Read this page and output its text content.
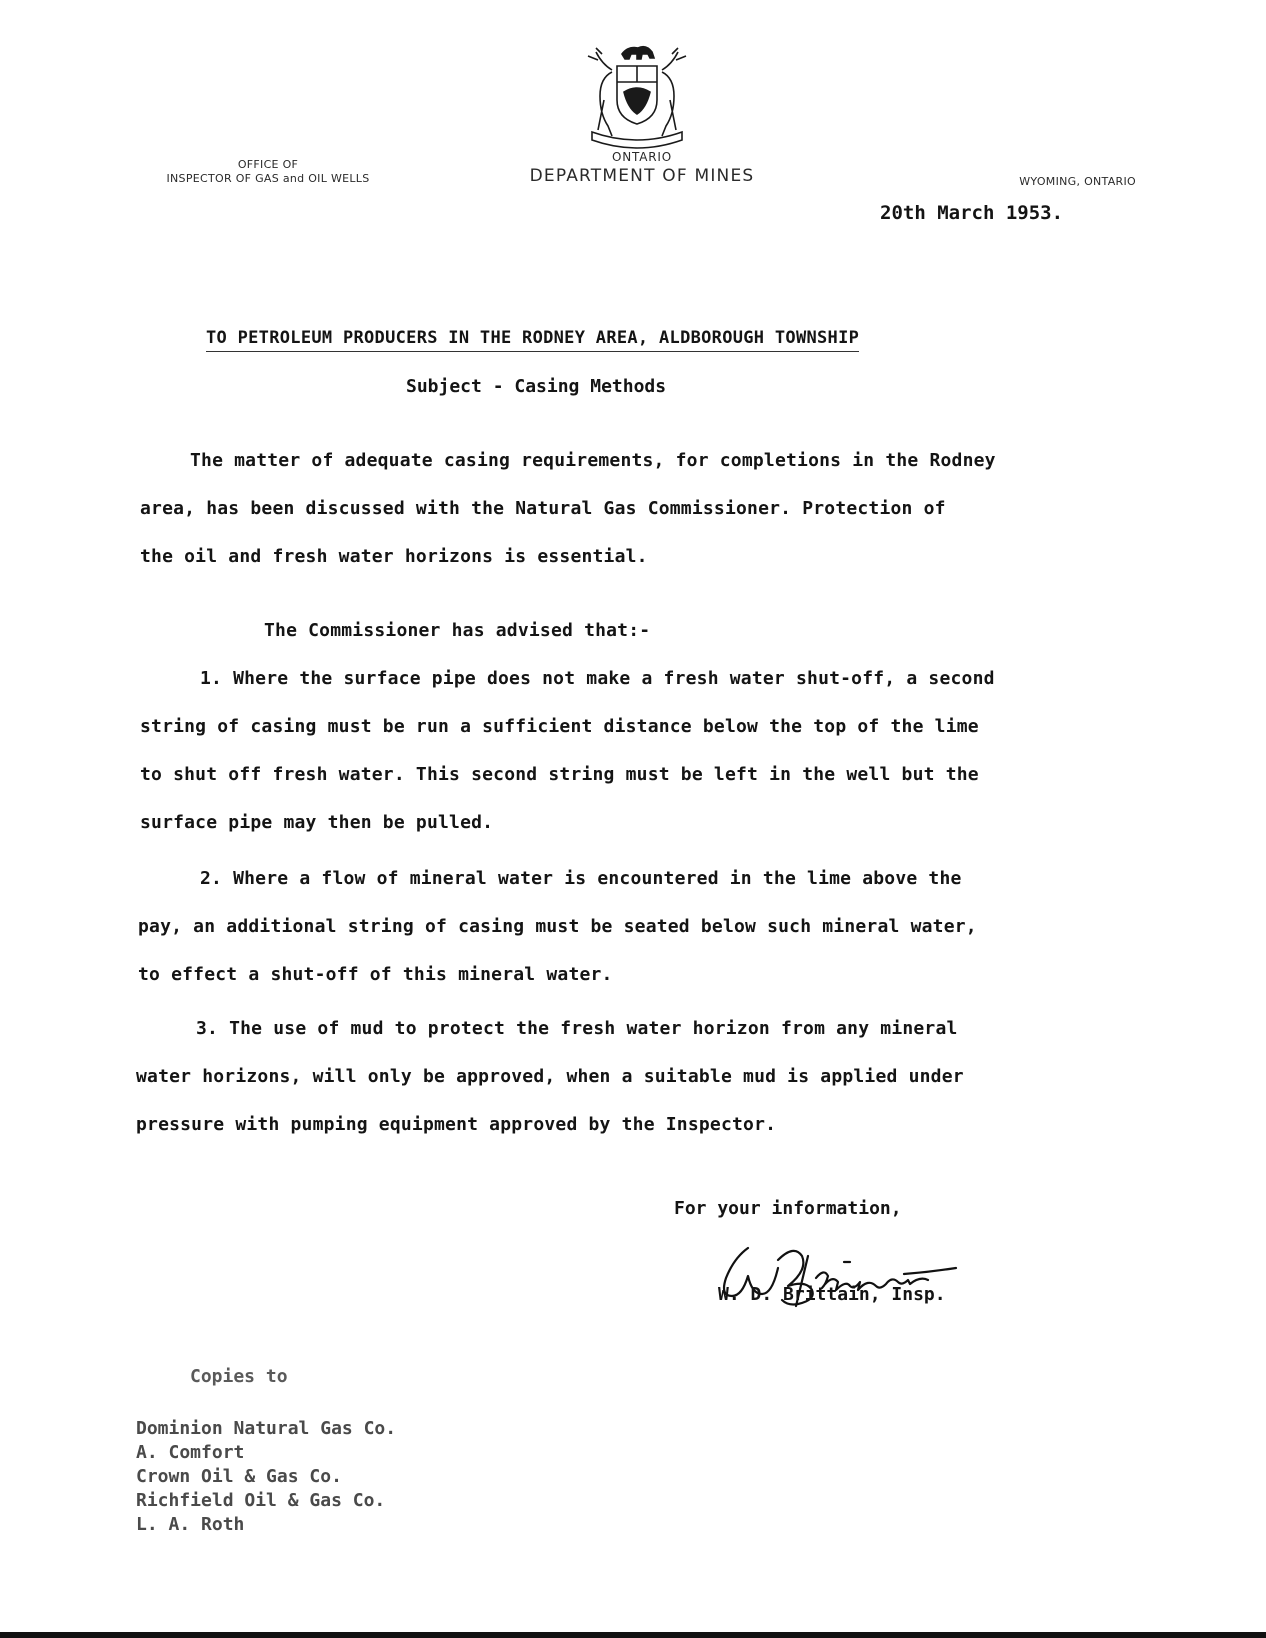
OFFICE OF
INSPECTOR OF GAS and OIL WELLS
ONTARIO
DEPARTMENT OF MINES	WYOMING, ONTARIO
20th March 1953.
TO PETROLEUM PRODUCERS IN THE RODNEY AREA, ALDBOROUGH TOWNSHIP
Subject - Casing Methods
The matter of adequate casing requirements, for completions in the Rodney
area, has been discussed with the Natural Gas Commissioner. Protection of
the oil and fresh water horizons is essential.
The Commissioner has advised that:-
1. Where the surface pipe does not make a fresh water shut-off, a second
string of casing must be run a sufficient distance below the top of the lime
to shut off fresh water. This second string must be left in the well but the
surface pipe may then be pulled.
2. Where a flow of mineral water is encountered in the lime above the
pay, an additional string of casing must be seated below such mineral water,
to effect a shut-off of this mineral water.
3. The use of mud to protect the fresh water horizon from any mineral
water horizons, will only be approved, when a suitable mud is applied under
pressure with pumping equipment approved by the Inspector.
For your information,
W. D. Brittain, Insp.
Copies to
Dominion Natural Gas Co.
A. Comfort
Crown Oil & Gas Co.
Richfield Oil & Gas Co.
L. A. Roth
